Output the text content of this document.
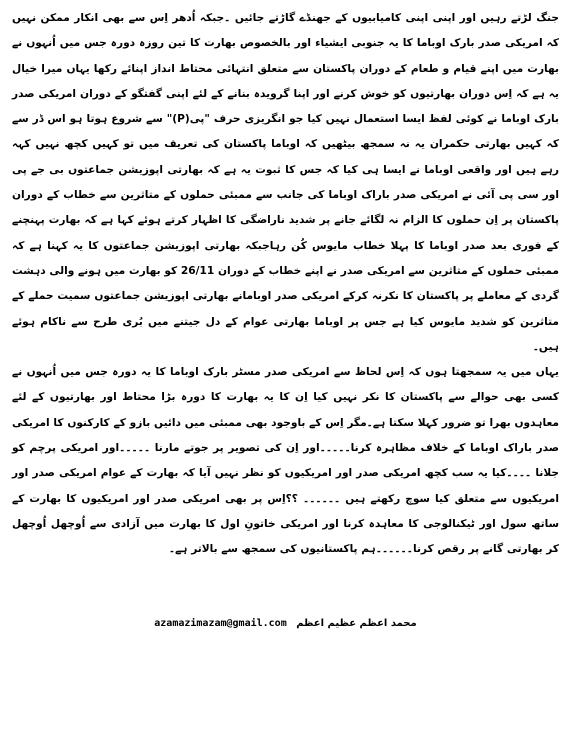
جنگ لڑتے رہیں اور اپنی اپنی کامیابیوں کے جھنڈے گاڑتے جائیں ۔جبکہ اُدھر اِس سے بھی انکار ممکن نہیں کہ امریکی صدر بارک اوباما کا یہ جنوبی ایشیاء اور بالخصوص بھارت کا تین روزہ دورہ جس میں اُنہوں نے بھارت میں اپنے قیام و طعام کے دوران پاکستان سے متعلق انتہائی محتاط انداز اپنائے رکھا یہاں میرا خیال یہ ہے کہ اِس دوران بھارتیوں کو خوش کرنے اور اپنا گرویدہ بنانے کے لئے اپنی گفتگو کے دوران امریکی صدر بارک اوباما نے کوئی لفظ ایسا استعمال نہیں کیا جو انگریزی حرف "پی(P)" سے شروع ہوتا ہو اس ڈر سے کہ کہیں بھارتی حکمران یہ نہ سمجھ بیٹھیں کہ اوباما پاکستان کی تعریف میں تو کہیں کچھ نہیں کہہ رہے ہیں اور واقعی اوباما نے ایسا ہی کیا کہ جس کا ثبوت یہ ہے کہ بھارتی اپوزیشن جماعتوں بی جے پی اور سی پی آئی نے امریکی صدر باراک اوباما کی جانب سے ممبئی حملوں کے متاثرین سے خطاب کے دوران پاکستان پر اِن حملوں کا الزام نہ لگائے جانے پر شدید ناراضگی کا اظہار کرتے ہوئے کہا ہے کہ بھارت پہنچنے کے فوری بعد صدر اوباما کا پہلا خطاب مایوس کُن رہاجبکہ بھارتی اپوزیشن جماعتوں کا یہ کہنا ہے کہ ممبئی حملوں کے متاثرین سے امریکی صدر نے اپنے خطاب کے دوران 26/11 کو بھارت میں ہونے والی دہشت گردی کے معاملے پر پاکستان کا نکرنہ کرکے امریکی صدر اوبامانے بھارتی اپوزیشن جماعتوں سمیت حملے کے متاثرین کو شدید مایوس کیا ہے جس پر اوباما بھارتی عوام کے دل جیتنے میں بُری طرح سے ناکام ہوئے ہیں۔

یہاں میں یہ سمجھتا ہوں کہ اِس لحاظ سے امریکی صدر مسٹر بارک اوباما کا یہ دورہ جس میں اُنہوں نے کسی بھی حوالے سے پاکستان کا نکر نہیں کیا اِن کا یہ بھارت کا دورہ بڑا محتاط اور بھارتیوں کے لئے معاہدوں بھرا تو ضرور کہلا سکتا ہے۔مگر اِس کے باوجود بھی ممبئی میں دائیں بازو کے کارکنوں کا امریکی صدر باراک اوباما کے خلاف مظاہرہ کرنا۔۔۔۔۔اور اِن کی تصویر پر جوتے مارنا ۔۔۔۔۔اور امریکی پرچم کو جلانا ۔۔۔۔کیا یہ سب کچھ امریکی صدر اور امریکیوں کو نظر نہیں آیا کہ بھارت کے عوام امریکی صدر اور امریکیوں سے متعلق کیا سوچ رکھتے ہیں ۔۔۔۔۔۔ ؟؟اِس پر بھی امریکی صدر اور امریکیوں کا بھارت کے ساتھ سول اور ٹیکنالوجی کا معاہدہ کرنا اور امریکی خاتونِ اول کا بھارت میں آزادی سے اُوچھل اُوچھل کر بھارتی گانے پر رقص کرنا۔۔۔۔۔۔ہم پاکستانیوں کی سمجھ سے بالاتر ہے۔

azamazimazam@gmail.com محمد اعظم عظیم اعظم
